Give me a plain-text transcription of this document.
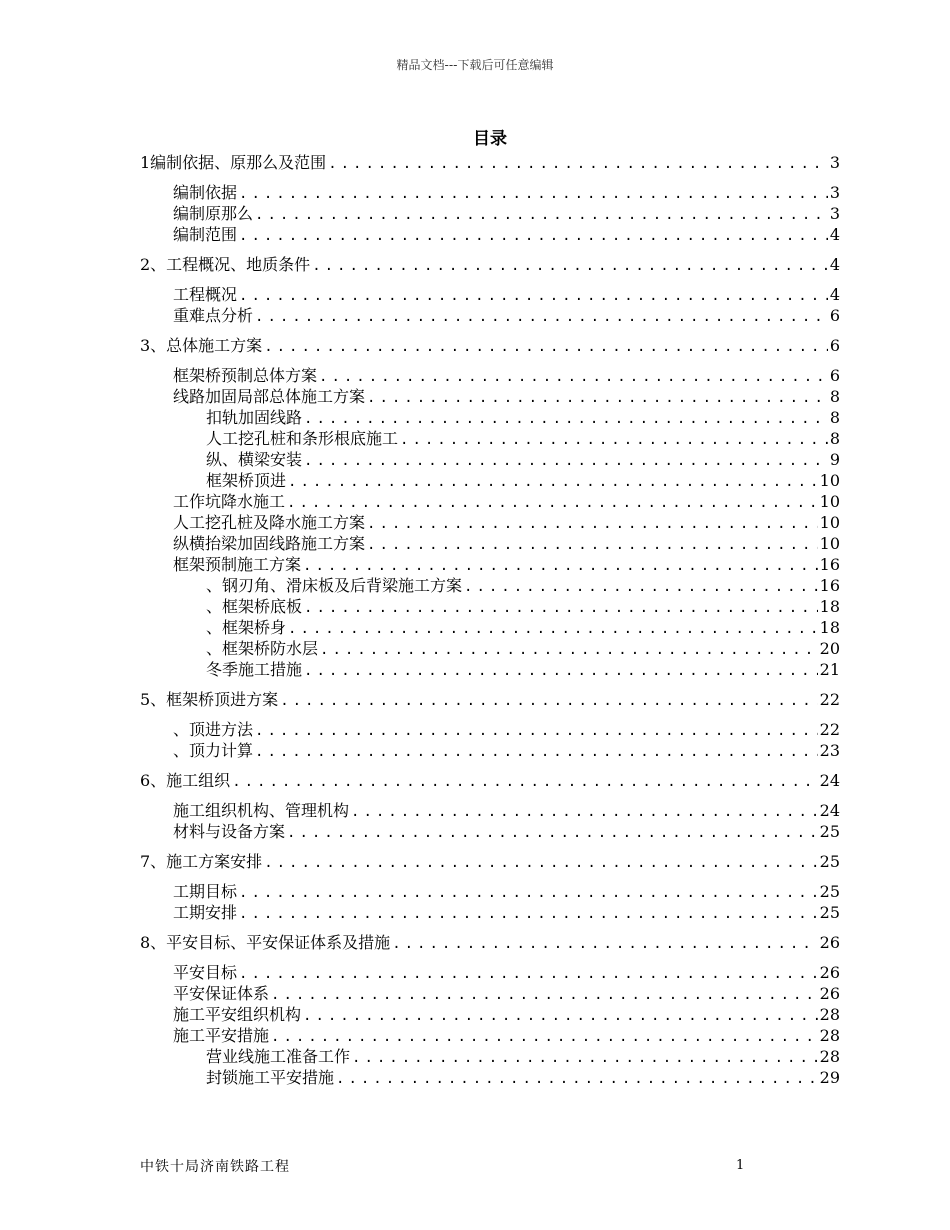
精品文档---下载后可任意编辑
目录
1编制依据、原那么及范围 .....	3
编制依据 .....	3
编制原那么 .....	3
编制范围 .....	4
2、工程概况、地质条件 .....	4
工程概况 .....	4
重难点分析 .....	6
3、总体施工方案 .....	6
框架桥预制总体方案 .....	6
线路加固局部总体施工方案 .....	8
扣轨加固线路 .....	8
人工挖孔桩和条形根底施工 .....	8
纵、横梁安装 .....	9
框架桥顶进 .....	10
工作坑降水施工 .....	10
人工挖孔桩及降水施工方案 .....	10
纵横抬梁加固线路施工方案 .....	10
框架预制施工方案 .....	16
、钢刃角、滑床板及后背梁施工方案 .....	16
、框架桥底板 .....	18
、框架桥身 .....	18
、框架桥防水层 .....	20
冬季施工措施 .....	21
5、框架桥顶进方案 .....	22
、顶进方法 .....	22
、顶力计算 .....	23
6、施工组织 .....	24
施工组织机构、管理机构 .....	24
材料与设备方案 .....	25
7、施工方案安排 .....	25
工期目标 .....	25
工期安排 .....	25
8、平安目标、平安保证体系及措施 .....	26
平安目标 .....	26
平安保证体系 .....	26
施工平安组织机构 .....	28
施工平安措施 .....	28
营业线施工准备工作 .....	28
封锁施工平安措施 .....	29
中铁十局济南铁路工程	1
